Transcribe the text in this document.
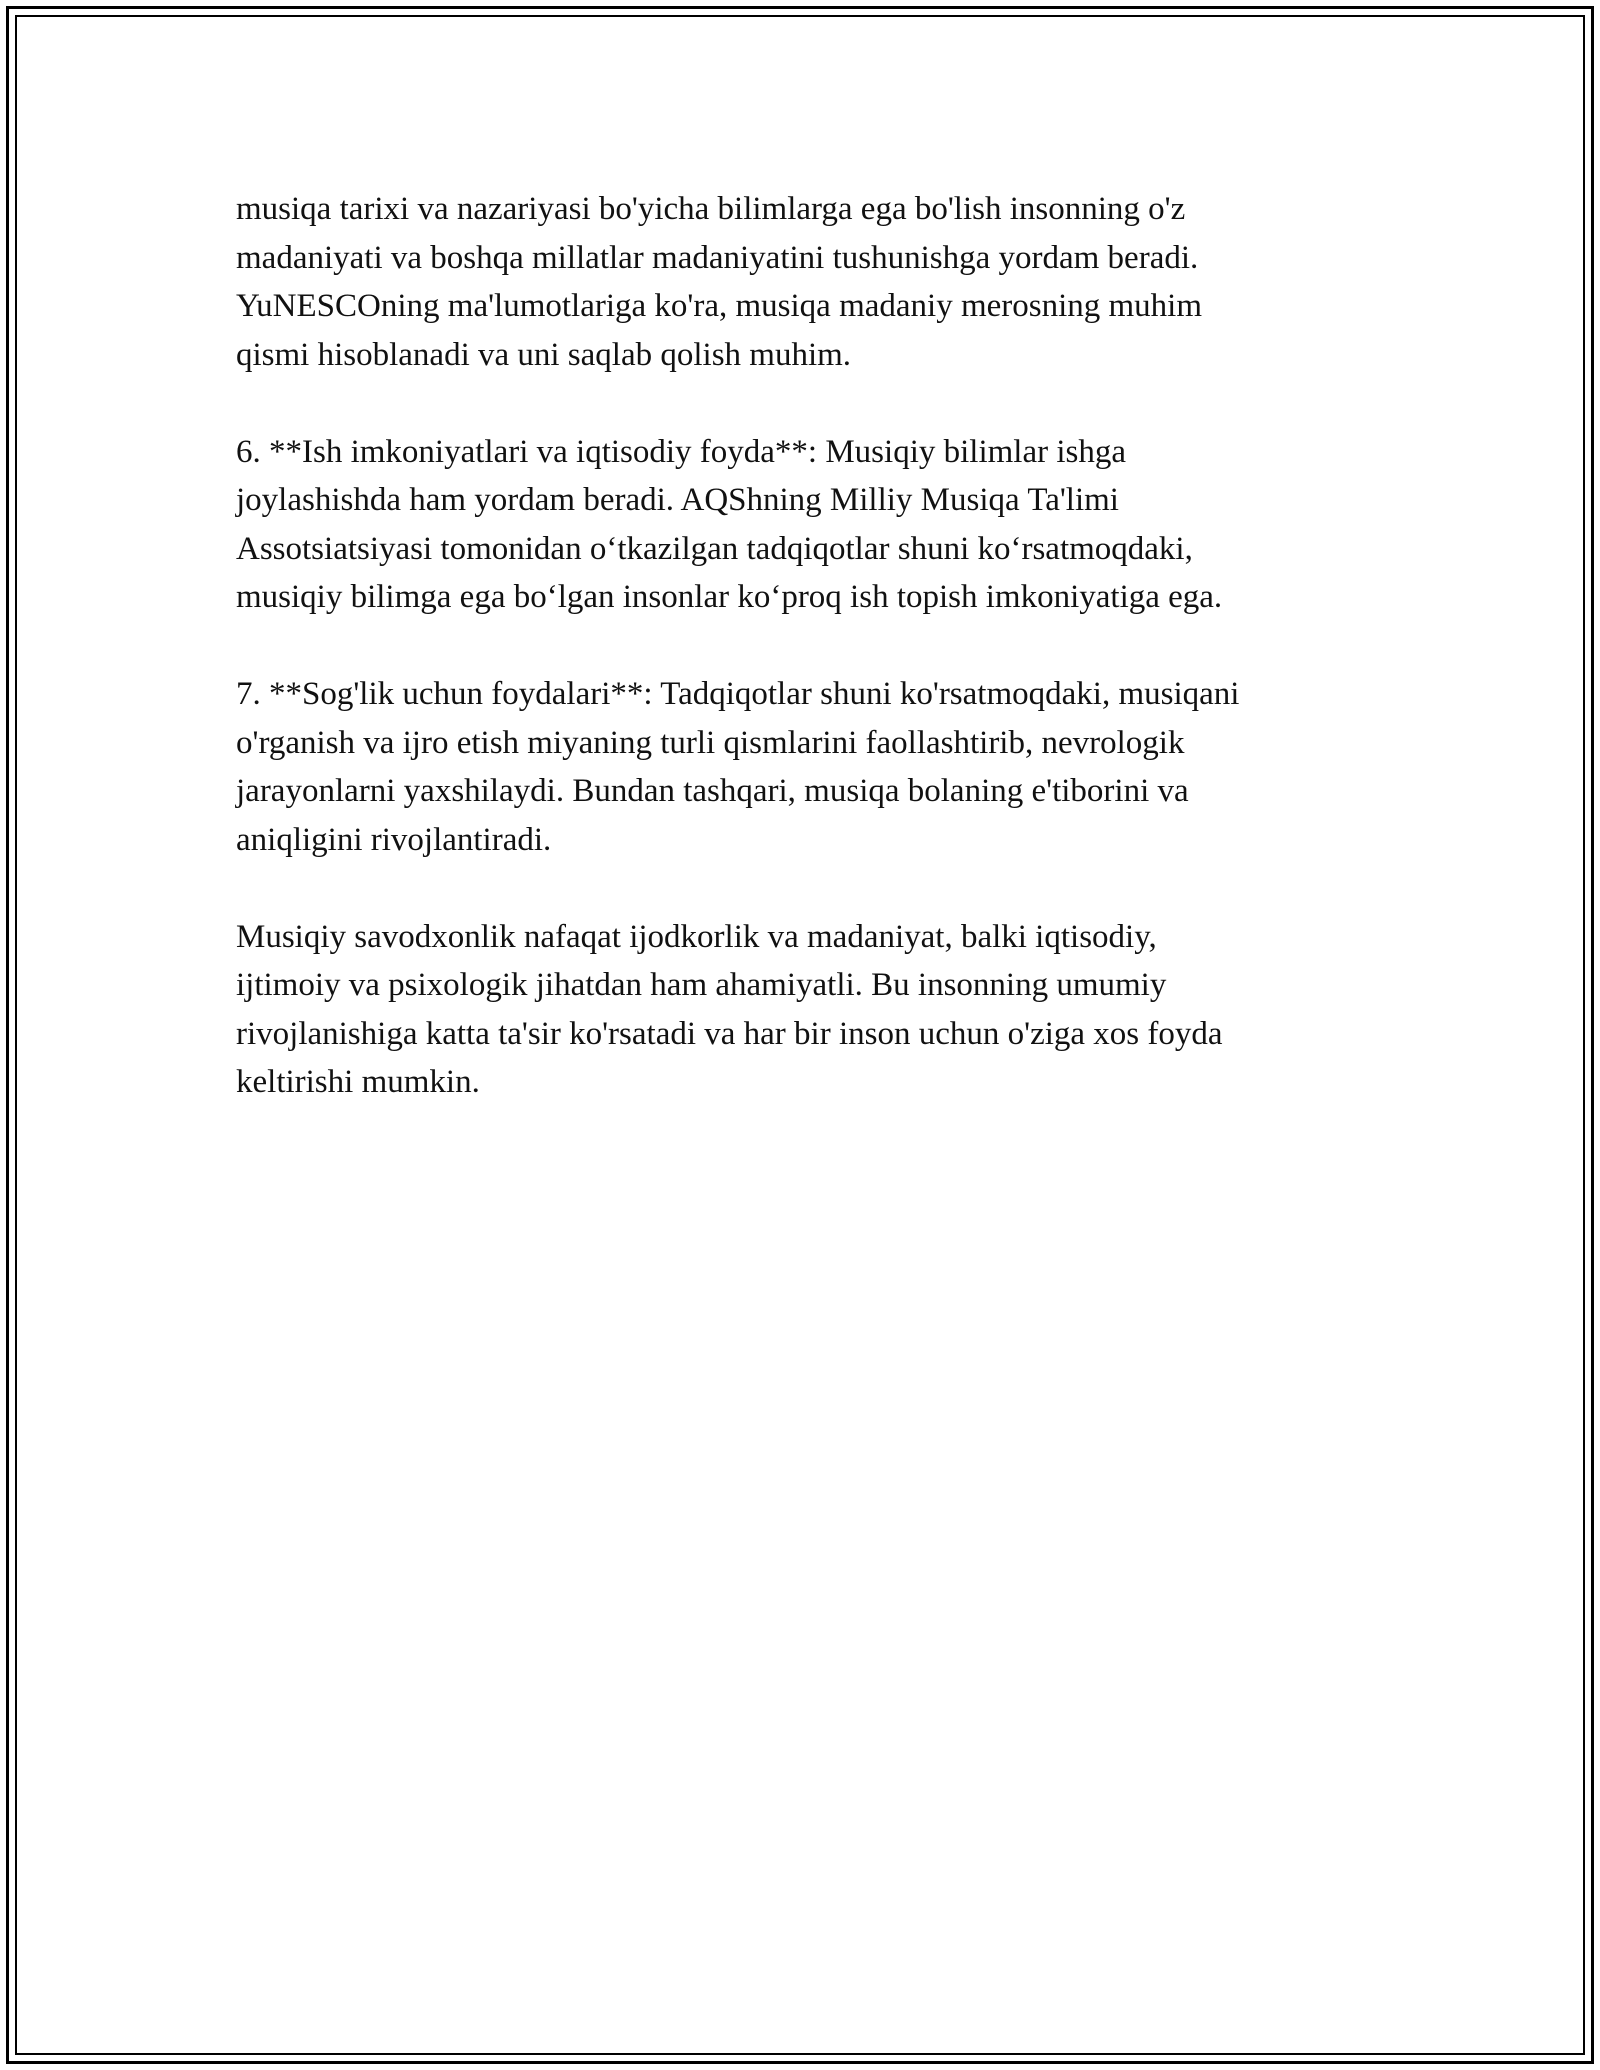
musiqa tarixi va nazariyasi bo'yicha bilimlarga ega bo'lish insonning o'z
madaniyati va boshqa millatlar madaniyatini tushunishga yordam beradi.
YuNESCOning ma'lumotlariga ko'ra, musiqa madaniy merosning muhim
qismi hisoblanadi va uni saqlab qolish muhim.

6. **Ish imkoniyatlari va iqtisodiy foyda**: Musiqiy bilimlar ishga
joylashishda ham yordam beradi. AQShning Milliy Musiqa Ta'limi
Assotsiatsiyasi tomonidan o‘tkazilgan tadqiqotlar shuni ko‘rsatmoqdaki,
musiqiy bilimga ega bo‘lgan insonlar ko‘proq ish topish imkoniyatiga ega.

7. **Sog'lik uchun foydalari**: Tadqiqotlar shuni ko'rsatmoqdaki, musiqani
o'rganish va ijro etish miyaning turli qismlarini faollashtirib, nevrologik
jarayonlarni yaxshilaydi. Bundan tashqari, musiqa bolaning e'tiborini va
aniqligini rivojlantiradi.

Musiqiy savodxonlik nafaqat ijodkorlik va madaniyat, balki iqtisodiy,
ijtimoiy va psixologik jihatdan ham ahamiyatli. Bu insonning umumiy
rivojlanishiga katta ta'sir ko'rsatadi va har bir inson uchun o'ziga xos foyda
keltirishi mumkin.
